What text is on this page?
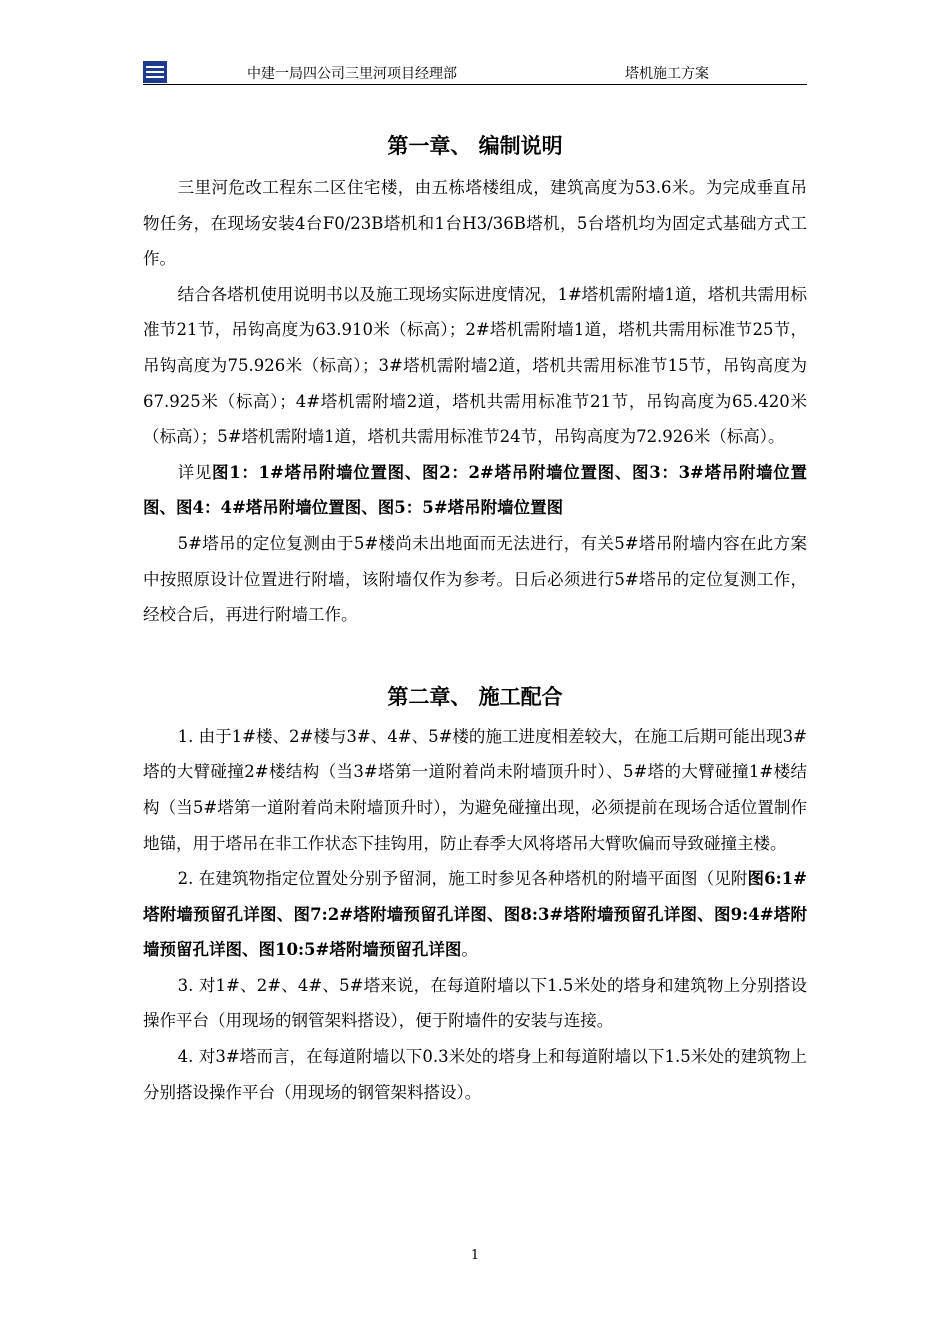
中建一局四公司三里河项目经理部	塔机施工方案
第一章、 编制说明

三里河危改工程东二区住宅楼，由五栋塔楼组成，建筑高度为53.6米。为完成垂直吊物任务，在现场安装4台F0/23B塔机和1台H3/36B塔机，5台塔机均为固定式基础方式工作。

结合各塔机使用说明书以及施工现场实际进度情况，1#塔机需附墙1道，塔机共需用标准节21节，吊钩高度为63.910米（标高）；2#塔机需附墙1道，塔机共需用标准节25节，吊钩高度为75.926米（标高）；3#塔机需附墙2道，塔机共需用标准节15节，吊钩高度为67.925米（标高）；4#塔机需附墙2道，塔机共需用标准节21节，吊钩高度为65.420米（标高）；5#塔机需附墙1道，塔机共需用标准节24节，吊钩高度为72.926米（标高）。

详见图1：1#塔吊附墙位置图、图2：2#塔吊附墙位置图、图3：3#塔吊附墙位置图、图4：4#塔吊附墙位置图、图5：5#塔吊附墙位置图

5#塔吊的定位复测由于5#楼尚未出地面而无法进行，有关5#塔吊附墙内容在此方案中按照原设计位置进行附墙，该附墙仅作为参考。日后必须进行5#塔吊的定位复测工作，经校合后，再进行附墙工作。

第二章、 施工配合

1. 由于1#楼、2#楼与3#、4#、5#楼的施工进度相差较大，在施工后期可能出现3#塔的大臂碰撞2#楼结构（当3#塔第一道附着尚未附墙顶升时）、5#塔的大臂碰撞1#楼结构（当5#塔第一道附着尚未附墙顶升时），为避免碰撞出现，必须提前在现场合适位置制作地锚，用于塔吊在非工作状态下挂钩用，防止春季大风将塔吊大臂吹偏而导致碰撞主楼。

2. 在建筑物指定位置处分别予留洞，施工时参见各种塔机的附墙平面图（见附图6:1#塔附墙预留孔详图、图7:2#塔附墙预留孔详图、图8:3#塔附墙预留孔详图、图9:4#塔附墙预留孔详图、图10:5#塔附墙预留孔详图。

3. 对1#、2#、4#、5#塔来说，在每道附墙以下1.5米处的塔身和建筑物上分别搭设操作平台（用现场的钢管架料搭设），便于附墙件的安装与连接。

4. 对3#塔而言，在每道附墙以下0.3米处的塔身上和每道附墙以下1.5米处的建筑物上分别搭设操作平台（用现场的钢管架料搭设）。

1
